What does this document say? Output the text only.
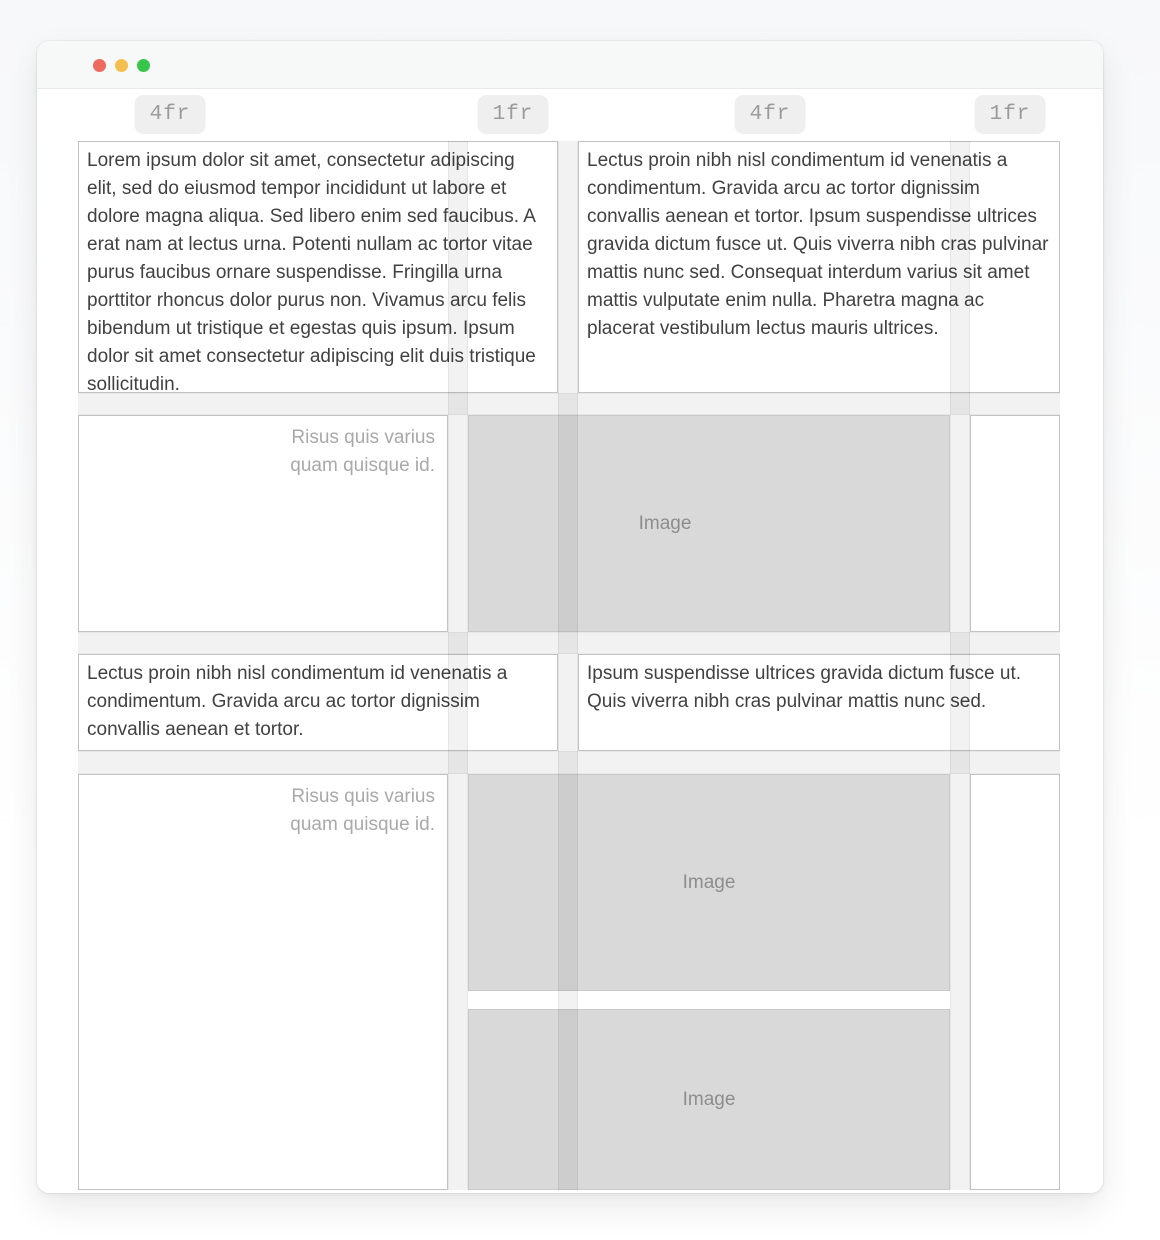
4fr	1fr	4fr	1fr
Lorem ipsum dolor sit amet, consectetur adipiscing elit, sed do eiusmod tempor incididunt ut labore et dolore magna aliqua. Sed libero enim sed faucibus. A erat nam at lectus urna. Potenti nullam ac tortor vitae purus faucibus ornare suspendisse. Fringilla urna porttitor rhoncus dolor purus non. Vivamus arcu felis bibendum ut tristique et egestas quis ipsum. Ipsum dolor sit amet consectetur adipiscing elit duis tristique sollicitudin.
Lectus proin nibh nisl condimentum id venenatis a condimentum. Gravida arcu ac tortor dignissim convallis aenean et tortor. Ipsum suspendisse ultrices gravida dictum fusce ut. Quis viverra nibh cras pulvinar mattis nunc sed. Consequat interdum varius sit amet mattis vulputate enim nulla. Pharetra magna ac placerat vestibulum lectus mauris ultrices.
Risus quis varius quam quisque id.
Image
Lectus proin nibh nisl condimentum id venenatis a condimentum. Gravida arcu ac tortor dignissim convallis aenean et tortor.
Ipsum suspendisse ultrices gravida dictum fusce ut. Quis viverra nibh cras pulvinar mattis nunc sed.
Risus quis varius quam quisque id.
Image
Image
